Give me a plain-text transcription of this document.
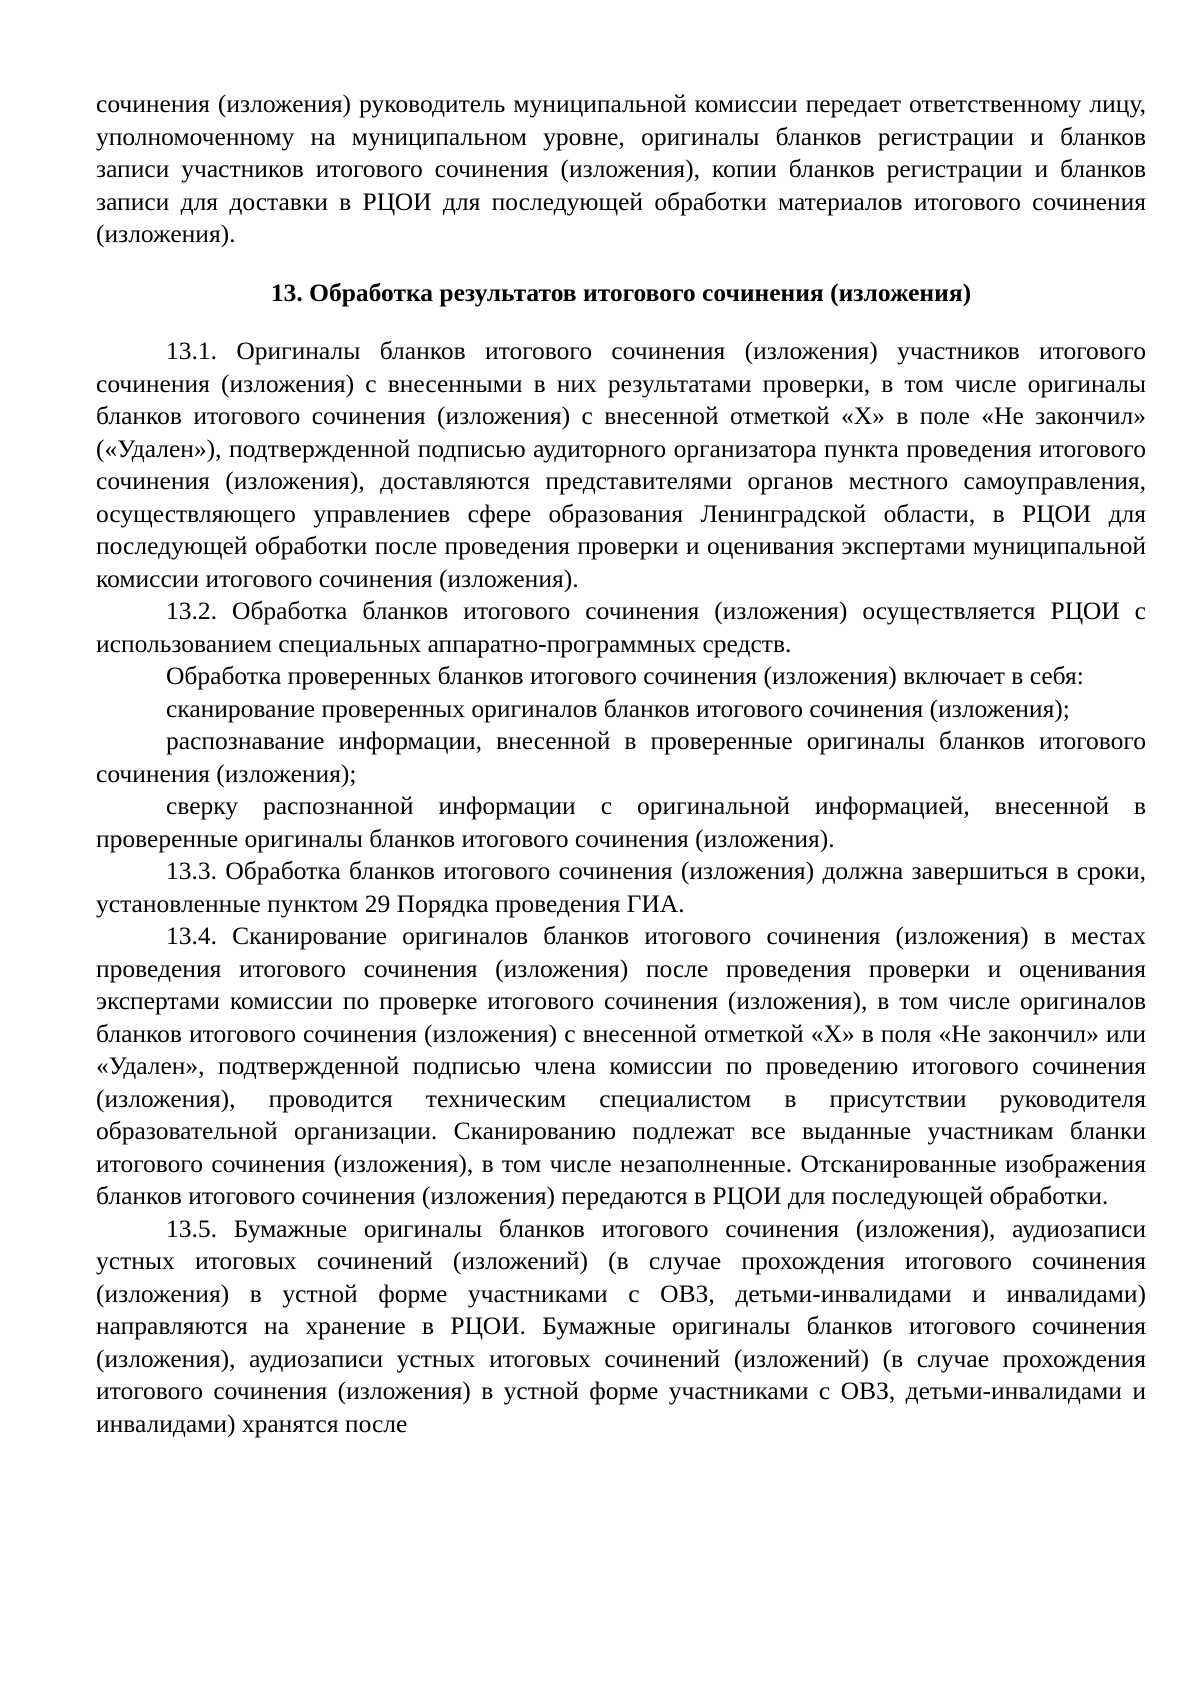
сочинения (изложения) руководитель муниципальной комиссии передает ответственному лицу, уполномоченному на муниципальном уровне, оригиналы бланков регистрации и бланков записи участников итогового сочинения (изложения), копии бланков регистрации и бланков записи для доставки в РЦОИ для последующей обработки материалов итогового сочинения (изложения).

13. Обработка результатов итогового сочинения (изложения)

13.1. Оригиналы бланков итогового сочинения (изложения) участников итогового сочинения (изложения) с внесенными в них результатами проверки, в том числе оригиналы бланков итогового сочинения (изложения) с внесенной отметкой «X» в поле «Не закончил» («Удален»), подтвержденной подписью аудиторного организатора пункта проведения итогового сочинения (изложения), доставляются представителями органов местного самоуправления, осуществляющего управлениев сфере образования Ленинградской области, в РЦОИ для последующей обработки после проведения проверки и оценивания экспертами муниципальной комиссии итогового сочинения (изложения).

13.2. Обработка бланков итогового сочинения (изложения) осуществляется РЦОИ с использованием специальных аппаратно-программных средств.

Обработка проверенных бланков итогового сочинения (изложения) включает в себя:

сканирование проверенных оригиналов бланков итогового сочинения (изложения);

распознавание информации, внесенной в проверенные оригиналы бланков итогового сочинения (изложения);

сверку распознанной информации с оригинальной информацией, внесенной в проверенные оригиналы бланков итогового сочинения (изложения).

13.3. Обработка бланков итогового сочинения (изложения) должна завершиться в сроки, установленные пунктом 29 Порядка проведения ГИА.

13.4. Сканирование оригиналов бланков итогового сочинения (изложения) в местах проведения итогового сочинения (изложения) после проведения проверки и оценивания экспертами комиссии по проверке итогового сочинения (изложения), в том числе оригиналов бланков итогового сочинения (изложения) с внесенной отметкой «X» в поля «Не закончил» или «Удален», подтвержденной подписью члена комиссии по проведению итогового сочинения (изложения), проводится техническим специалистом в присутствии руководителя образовательной организации. Сканированию подлежат все выданные участникам бланки итогового сочинения (изложения), в том числе незаполненные. Отсканированные изображения бланков итогового сочинения (изложения) передаются в РЦОИ для последующей обработки.

13.5. Бумажные оригиналы бланков итогового сочинения (изложения), аудиозаписи устных итоговых сочинений (изложений) (в случае прохождения итогового сочинения (изложения) в устной форме участниками с ОВЗ, детьми-инвалидами и инвалидами) направляются на хранение в РЦОИ. Бумажные оригиналы бланков итогового сочинения (изложения), аудиозаписи устных итоговых сочинений (изложений) (в случае прохождения итогового сочинения (изложения) в устной форме участниками с ОВЗ, детьми-инвалидами и инвалидами) хранятся после
